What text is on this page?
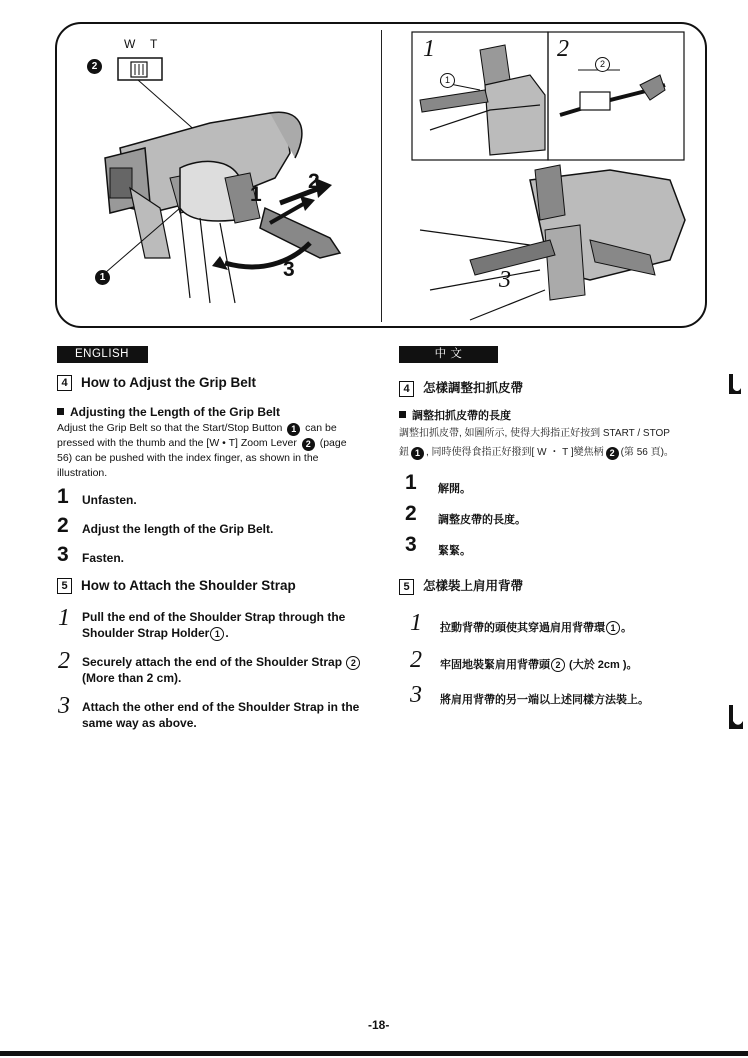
W T
2
1
1
2
3
1	2
3
1
2
ENGLISH
4 How to Adjust the Grip Belt
Adjusting the Length of the Grip Belt
Adjust the Grip Belt so that the Start/Stop Button 1 can be pressed with the thumb and the [W • T] Zoom Lever 2 (page 56) can be pushed with the index finger, as shown in the illustration.
1 Unfasten.
2 Adjust the length of the Grip Belt.
3 Fasten.
5 How to Attach the Shoulder Strap
1 Pull the end of the Shoulder Strap through the Shoulder Strap Holder 1 .
2 Securely attach the end of the Shoulder Strap 2(More than 2 cm).
3 Attach the other end of the Shoulder Strap in the same way as above.
中 文
4 怎樣調整扣抓皮帶
調整扣抓皮帶的長度
調整扣抓皮帶, 如圖所示, 使得大拇指正好按到 START / STOP
鈕 1 , 同時使得食指正好撥到[ W ・ T ]變焦柄 2 (第 56 頁)。
1 解開。
2 調整皮帶的長度。
3 緊緊。
5 怎樣裝上肩用背帶
1 拉動背帶的頭使其穿過肩用背帶環 1 。
2 牢固地裝緊肩用背帶頭 2 (大於 2cm )。
3 將肩用背帶的另一端以上述同樣方法裝上。
-18-
